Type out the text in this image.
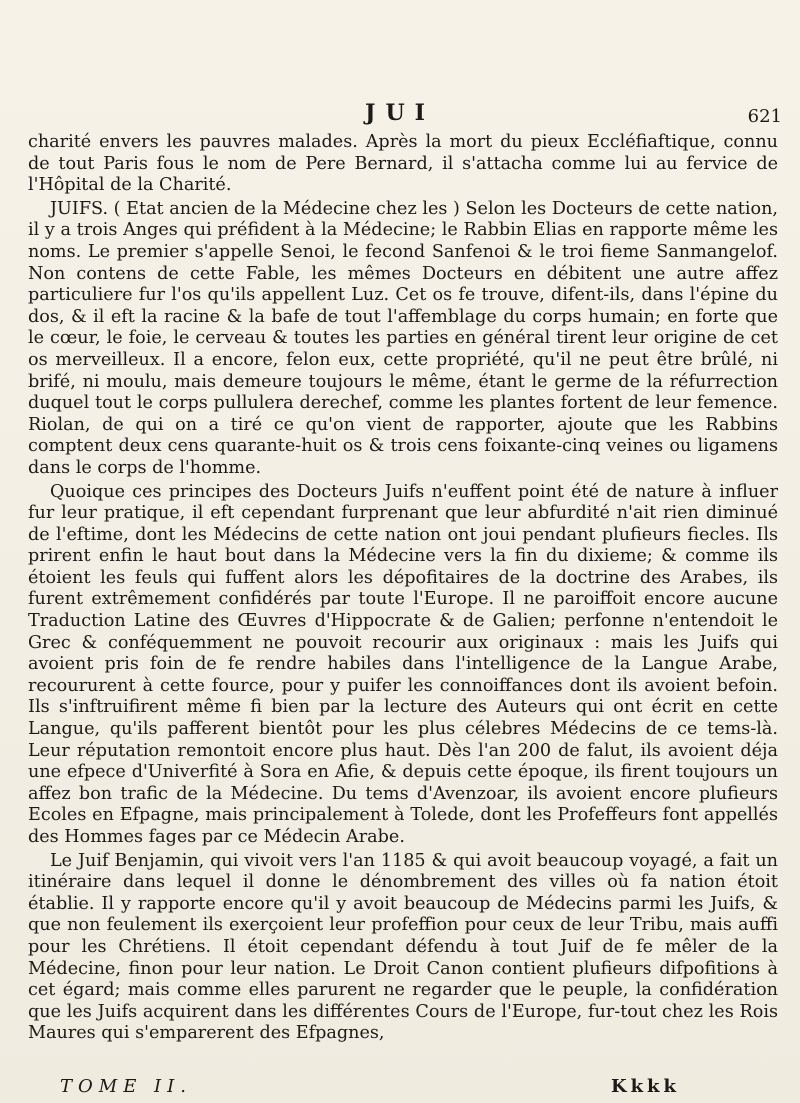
JUI	621

charité envers les pauvres malades. Après la mort du pieux Eccléfiaftique, connu de tout Paris fous le nom de Pere Bernard, il s'attacha comme lui au fervice de l'Hôpital de la Charité.

JUIFS. ( Etat ancien de la Médecine chez les ) Selon les Docteurs de cette nation, il y a trois Anges qui préfident à la Médecine; le Rabbin Elias en rapporte même les noms. Le premier s'appelle Senoi, le fecond Sanfenoi & le troi fieme Sanmangelof. Non contens de cette Fable, les mêmes Docteurs en débitent une autre affez particuliere fur l'os qu'ils appellent Luz. Cet os fe trouve, difent-ils, dans l'épine du dos, & il eft la racine & la bafe de tout l'affemblage du corps humain; en forte que le cœur, le foie, le cerveau & toutes les parties en général tirent leur origine de cet os merveilleux. Il a encore, felon eux, cette propriété, qu'il ne peut être brûlé, ni brifé, ni moulu, mais demeure toujours le même, étant le germe de la réfurrection duquel tout le corps pullulera derechef, comme les plantes fortent de leur femence. Riolan, de qui on a tiré ce qu'on vient de rapporter, ajoute que les Rabbins comptent deux cens quarante-huit os & trois cens foixante-cinq veines ou ligamens dans le corps de l'homme.

Quoique ces principes des Docteurs Juifs n'euffent point été de nature à influer fur leur pratique, il eft cependant furprenant que leur abfurdité n'ait rien diminué de l'eftime, dont les Médecins de cette nation ont joui pendant plufieurs fiecles. Ils prirent enfin le haut bout dans la Médecine vers la fin du dixieme; & comme ils étoient les feuls qui fuffent alors les dépofitaires de la doctrine des Arabes, ils furent extrêmement confidérés par toute l'Europe. Il ne paroiffoit encore aucune Traduction Latine des Œuvres d'Hippocrate & de Galien; perfonne n'entendoit le Grec & conféquemment ne pouvoit recourir aux originaux : mais les Juifs qui avoient pris foin de fe rendre habiles dans l'intelligence de la Langue Arabe, recoururent à cette fource, pour y puifer les connoiffances dont ils avoient befoin. Ils s'inftruifirent même fi bien par la lecture des Auteurs qui ont écrit en cette Langue, qu'ils pafferent bientôt pour les plus célebres Médecins de ce tems-là. Leur réputation remontoit encore plus haut. Dès l'an 200 de falut, ils avoient déja une efpece d'Univerfité à Sora en Afie, & depuis cette époque, ils firent toujours un affez bon trafic de la Médecine. Du tems d'Avenzoar, ils avoient encore plufieurs Ecoles en Efpagne, mais principalement à Tolede, dont les Profeffeurs font appellés des Hommes fages par ce Médecin Arabe.

Le Juif Benjamin, qui vivoit vers l'an 1185 & qui avoit beaucoup voyagé, a fait un itinéraire dans lequel il donne le dénombrement des villes où fa nation étoit établie. Il y rapporte encore qu'il y avoit beaucoup de Médecins parmi les Juifs, & que non feulement ils exerçoient leur profeffion pour ceux de leur Tribu, mais auffi pour les Chrétiens. Il étoit cependant défendu à tout Juif de fe mêler de la Médecine, finon pour leur nation. Le Droit Canon contient plufieurs difpofitions à cet égard; mais comme elles parurent ne regarder que le peuple, la confidération que les Juifs acquirent dans les différentes Cours de l'Europe, fur-tout chez les Rois Maures qui s'emparerent des Efpagnes,

TOME II.	Kkkk
